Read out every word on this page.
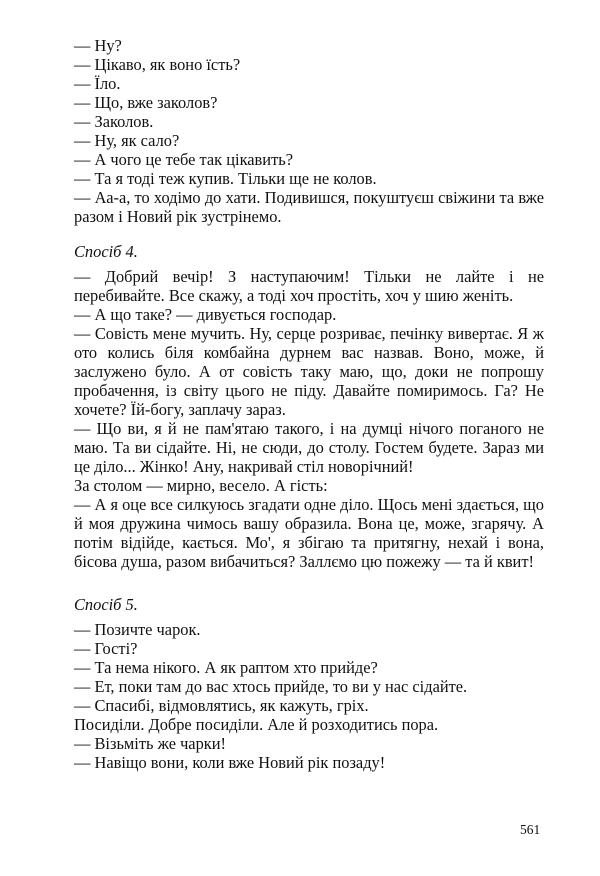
— Ну?

— Цікаво, як воно їсть?

— Їло.

— Що, вже заколов?

— Заколов.

— Ну, як сало?

— А чого це тебе так цікавить?

— Та я тоді теж купив. Тільки ще не колов.

— Аа-а, то ходімо до хати. Подивишся, покуштуєш свіжини та вже разом і Новий рік зустрінемо.

Спосіб 4.

— Добрий вечір! З наступаючим! Тільки не лайте і не перебивайте. Все скажу, а тоді хоч простіть, хоч у шию женіть.

— А що таке? — дивується господар.

— Совість мене мучить. Ну, серце розриває, печінку вивертає. Я ж ото колись біля комбайна дурнем вас назвав. Воно, може, й заслужено було. А от совість таку маю, що, доки не попрошу пробачення, із світу цього не піду. Давайте помиримось. Га? Не хочете? Їй-богу, заплачу зараз.

— Що ви, я й не пам'ятаю такого, і на думці нічого поганого не маю. Та ви сідайте. Ні, не сюди, до столу. Гостем будете. Зараз ми це діло... Жінко! Ану, накривай стіл новорічний!

За столом — мирно, весело. А гість:

— А я оце все силкуюсь згадати одне діло. Щось мені здається, що й моя дружина чимось вашу образила. Вона це, може, згарячу. А потім відійде, кається. Мо', я збігаю та притягну, нехай і вона, бісова душа, разом вибачиться? Заллємо цю пожежу — та й квит!

Спосіб 5.

— Позичте чарок.

— Гості?

— Та нема нікого. А як раптом хто прийде?

— Ет, поки там до вас хтось прийде, то ви у нас сідайте.

— Спасибі, відмовлятись, як кажуть, гріх.

Посиділи. Добре посиділи. Але й розходитись пора.

— Візьміть же чарки!

— Навіщо вони, коли вже Новий рік позаду!

561
